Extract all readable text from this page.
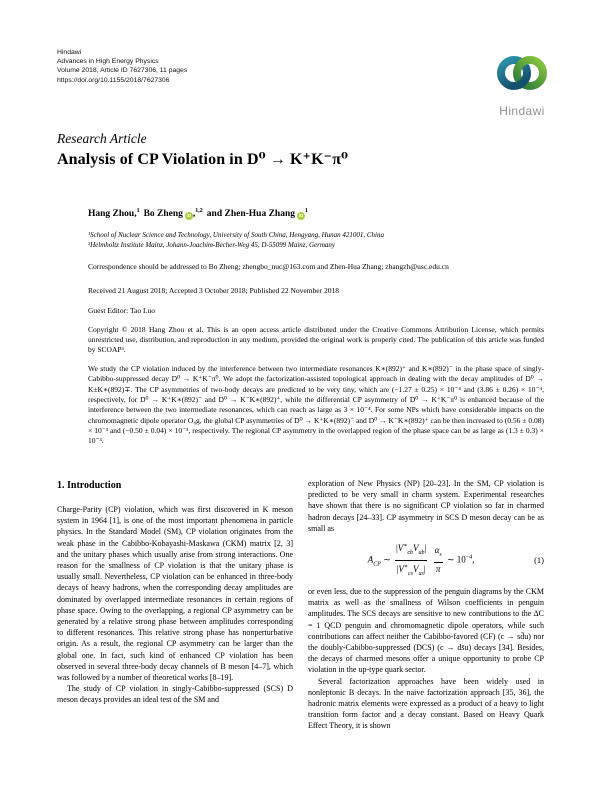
Hindawi
Advances in High Energy Physics
Volume 2018, Article ID 7627306, 11 pages
https://doi.org/10.1155/2018/7627306
Hindawi
Research Article
Analysis of CP Violation in D⁰ → K⁺K⁻π⁰
Hang Zhou,$^1$ Bo Zheng iD ,$^{1,2}$ and Zhen-Hua Zhang iD
$^1$
¹School of Nuclear Science and Technology, University of South China, Hengyang, Hunan 421001, China
²Helmholtz Institute Mainz, Johann-Joachim-Becher-Weg 45, D-55099 Mainz, Germany
Correspondence should be addressed to Bo Zheng; zhengbo_nuc@163.com and Zhen-Hua Zhang; zhangzh@usc.edu.cn
Received 21 August 2018; Accepted 3 October 2018; Published 22 November 2018
Guest Editor: Tao Luo
Copyright © 2018 Hang Zhou et al. This is an open access article distributed under the Creative Commons Attribution License, which permits unrestricted use, distribution, and reproduction in any medium, provided the original work is properly cited. The publication of this article was funded by SCOAP³.
We study the CP violation induced by the interference between two intermediate resonances K∗(892)⁺ and K∗(892)⁻ in the phase space of singly-Cabibbo-suppressed decay D⁰ → K⁺K⁻π⁰. We adopt the factorization-assisted topological approach in dealing with the decay amplitudes of D⁰ → K±K∗(892)∓. The CP asymmetries of two-body decays are predicted to be very tiny, which are (−1.27 ± 0.25) × 10⁻⁴ and (3.86 ± 0.26) × 10⁻⁴, respectively, for D⁰ → K⁺K∗(892)⁻ and D⁰ → K⁻K∗(892)⁺, while the differential CP asymmetry of D⁰ → K⁺K⁻π⁰ is enhanced because of the interference between the two intermediate resonances, which can reach as large as 3 × 10⁻⁴. For some NPs which have considerable impacts on the chromomagnetic dipole operator O₈g, the global CP asymmetries of D⁰ → K⁺K∗(892)⁻ and D⁰ → K⁻K∗(892)⁺ can be then increased to (0.56 ± 0.08) × 10⁻³ and (−0.50 ± 0.04) × 10⁻³, respectively. The regional CP asymmetry in the overlapped region of the phase space can be as large as (1.3 ± 0.3) × 10⁻³.
1. Introduction

Charge-Parity (CP) violation, which was first discovered in K meson system in 1964 [1], is one of the most important phenomena in particle physics. In the Standard Model (SM), CP violation originates from the weak phase in the Cabibbo-Kobayashi-Maskawa (CKM) matrix [2, 3] and the unitary phases which usually arise from strong interactions. One reason for the smallness of CP violation is that the unitary phase is usually small. Nevertheless, CP violation can be enhanced in three-body decays of heavy hadrons, when the corresponding decay amplitudes are dominated by overlapped intermediate resonances in certain regions of phase space. Owing to the overlapping, a regional CP asymmetry can be generated by a relative strong phase between amplitudes corresponding to different resonances. This relative strong phase has nonperturbative origin. As a result, the regional CP asymmetry can be larger than the global one. In fact, such kind of enhanced CP violation has been observed in several three-body decay channels of B meson [4–7], which was followed by a number of theoretical works [8–19].

The study of CP violation in singly-Cabibbo-suppressed (SCS) D meson decays provides an ideal test of the SM and

exploration of New Physics (NP) [20–23]. In the SM, CP violation is predicted to be very small in charm system. Experimental researches have shown that there is no significant CP violation so far in charmed hadron decays [24–33]. CP asymmetry in SCS D meson decay can be as small as

$A_{CP}$ ∼ $\frac{|V^∗_{cb}V_{ub}|}{|V^∗_{cs}V_{us}|}$
$\frac{\alpha_s}{\pi}$ ∼ $10^{-4}$,	(1)

or even less, due to the suppression of the penguin diagrams by the CKM matrix as well as the smallness of Wilson coefficients in penguin amplitudes. The SCS decays are sensitive to new contributions to the ΔC = 1 QCD penguin and chromomagnetic dipole operators, while such contributions can affect neither the Cabibbo-favored (CF) (c → sd̄u) nor the doubly-Cabibbo-suppressed (DCS) (c → ds̄u) decays [34]. Besides, the decays of charmed mesons offer a unique opportunity to probe CP violation in the up-type quark sector.

Several factorization approaches have been widely used in nonleptonic B decays. In the naive factorization approach [35, 36], the hadronic matrix elements were expressed as a product of a heavy to light transition form factor and a decay constant. Based on Heavy Quark Effect Theory, it is shown
